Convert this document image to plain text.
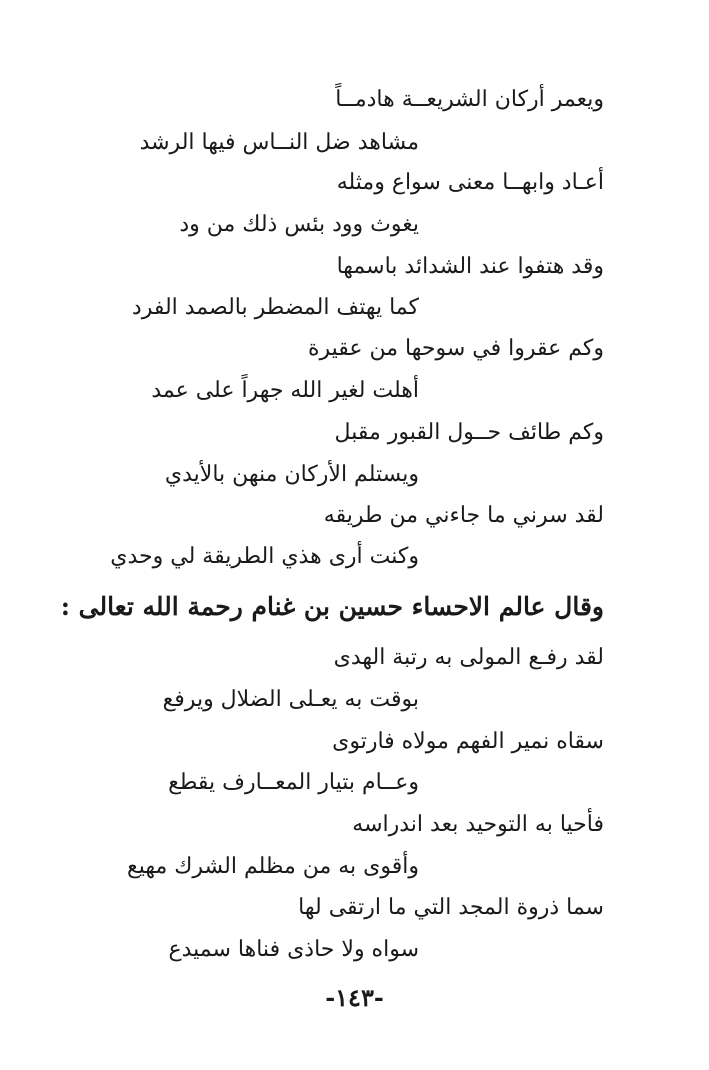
ويعمر أركان الشريعــة هادمــاً
مشاهد ضل النــاس فيها الرشد
أعـاد وابهــا معنى سواع ومثله
يغوث وود بئس ذلك من ود
وقد هتفوا عند الشدائد باسمها
كما يهتف المضطر بالصمد الفرد
وكم عقروا في سوحها من عقيرة
أهلت لغير الله جهراً على عمد
وكم طائف حــول القبور مقبل
ويستلم الأركان منهن بالأيدي
لقد سرني ما جاءني من طريقه
وكنت أرى هذي الطريقة لي وحدي
وقال عالم الاحساء حسين بن غنام رحمة الله تعالى :
لقد رفـع المولى به رتبة الهدى
بوقت به يعـلى الضلال ويرفع
سقاه نمير الفهم مولاه فارتوى
وعــام بتيار المعــارف يقطع
فأحيا به التوحيد بعد اندراسه
وأقوى به من مظلم الشرك مهيع
سما ذروة المجد التي ما ارتقى لها
سواه ولا حاذى فناها سميدع
-١٤٣-
